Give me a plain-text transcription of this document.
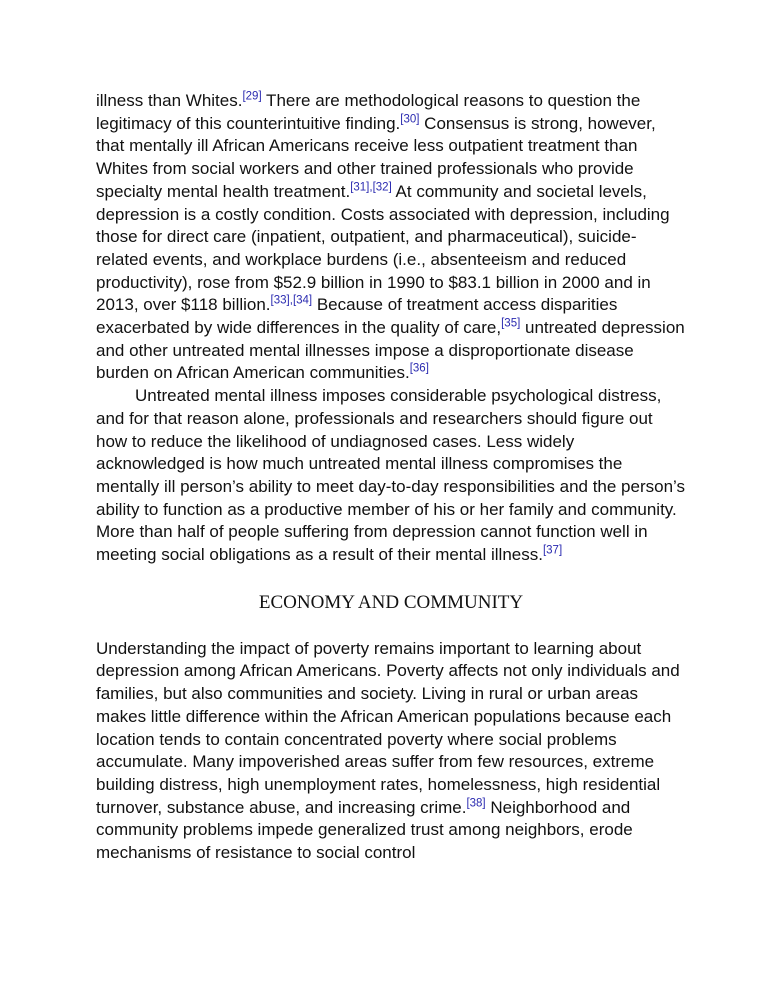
illness than Whites.[29] There are methodological reasons to question the legitimacy of this counterintuitive finding.[30] Consensus is strong, however, that mentally ill African Americans receive less outpatient treatment than Whites from social workers and other trained professionals who provide specialty mental health treatment.[31],[32] At community and societal levels, depression is a costly condition. Costs associated with depression, including those for direct care (inpatient, outpatient, and pharmaceutical), suicide-related events, and workplace burdens (i.e., absenteeism and reduced productivity), rose from $52.9 billion in 1990 to $83.1 billion in 2000 and in 2013, over $118 billion.[33],[34] Because of treatment access disparities exacerbated by wide differences in the quality of care,[35] untreated depression and other untreated mental illnesses impose a disproportionate disease burden on African American communities.[36]

Untreated mental illness imposes considerable psychological distress, and for that reason alone, professionals and researchers should figure out how to reduce the likelihood of undiagnosed cases. Less widely acknowledged is how much untreated mental illness compromises the mentally ill person’s ability to meet day-to-day responsibilities and the person’s ability to function as a productive member of his or her family and community. More than half of people suffering from depression cannot function well in meeting social obligations as a result of their mental illness.[37]

ECONOMY AND COMMUNITY

Understanding the impact of poverty remains important to learning about depression among African Americans. Poverty affects not only individuals and families, but also communities and society. Living in rural or urban areas makes little difference within the African American populations because each location tends to contain concentrated poverty where social problems accumulate. Many impoverished areas suffer from few resources, extreme building distress, high unemployment rates, homelessness, high residential turnover, substance abuse, and increasing crime.[38] Neighborhood and community problems impede generalized trust among neighbors, erode mechanisms of resistance to social control
